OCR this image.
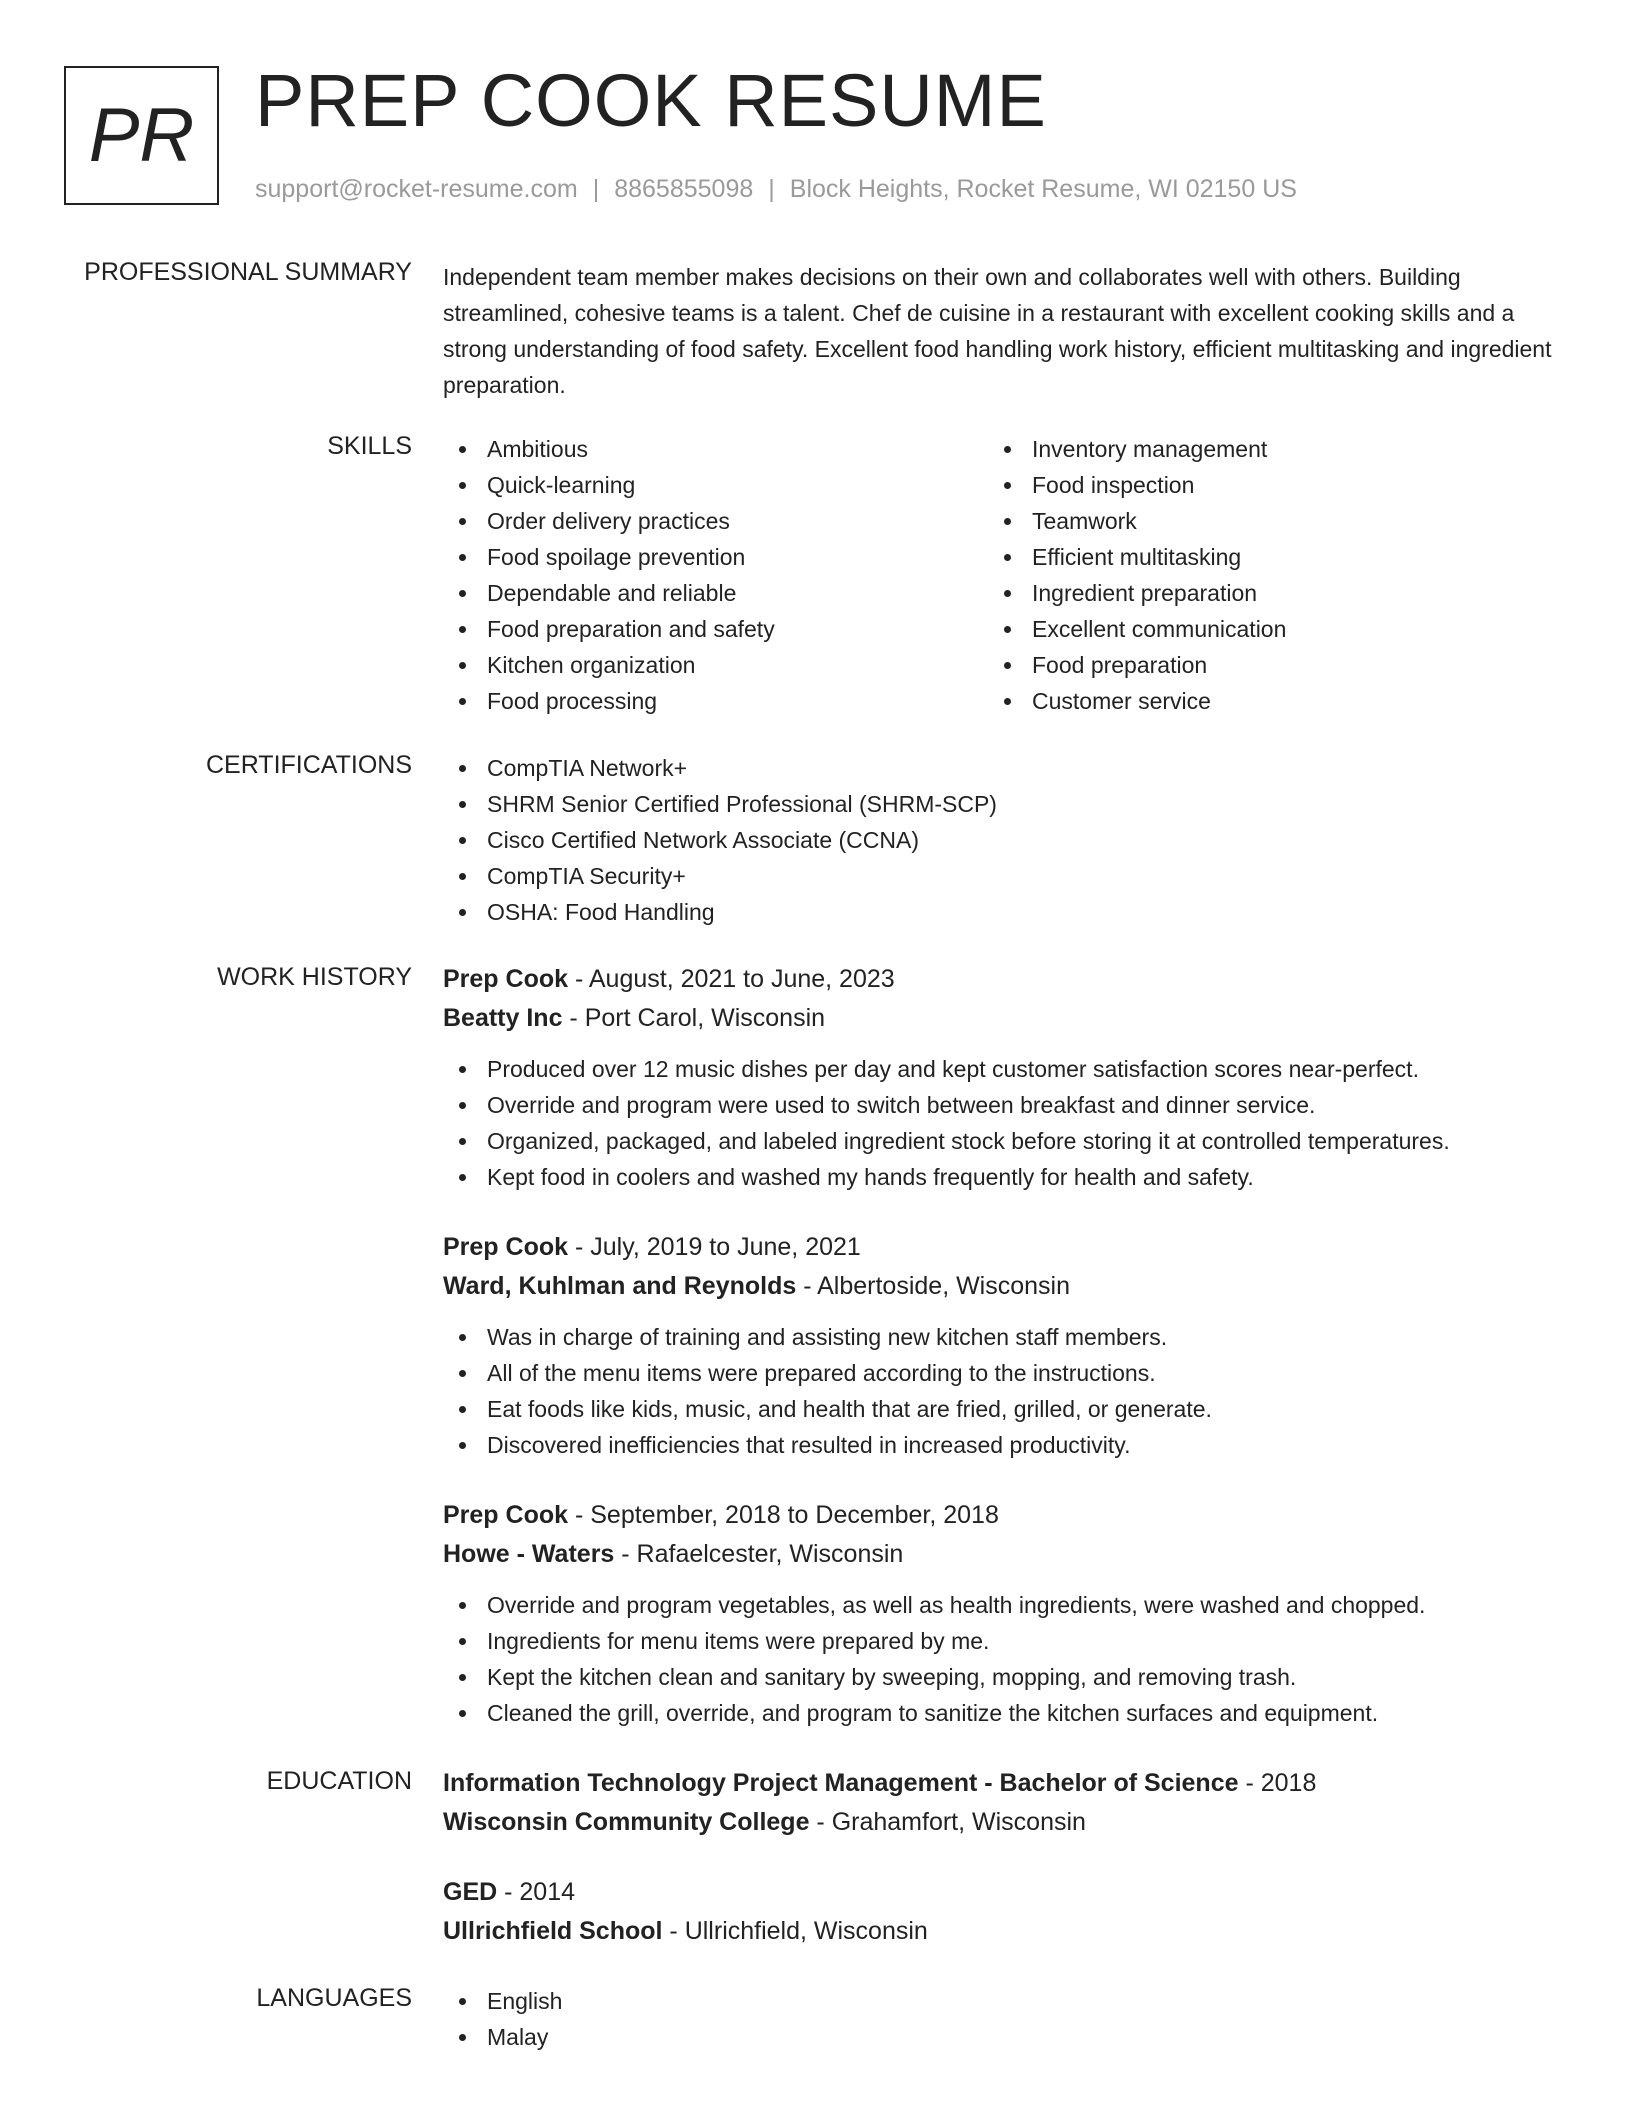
PR PREP COOK RESUME
support@rocket-resume.com | 8865855098 | Block Heights, Rocket Resume, WI 02150 US
PROFESSIONAL SUMMARY Independent team member makes decisions on their own and collaborates well with others. Building streamlined, cohesive teams is a talent. Chef de cuisine in a restaurant with excellent cooking skills and a strong understanding of food safety. Excellent food handling work history, efficient multitasking and ingredient preparation.

SKILLS	Ambitious
Quick-learning
Order delivery practices
Food spoilage prevention
Dependable and reliable
Food preparation and safety
Kitchen organization
Food processing
Inventory management
Food inspection
Teamwork
Efficient multitasking
Ingredient preparation
Excellent communication
Food preparation
Customer service
CERTIFICATIONS	CompTIA Network+
SHRM Senior Certified Professional (SHRM-SCP)
Cisco Certified Network Associate (CCNA)
CompTIA Security+
OSHA: Food Handling
WORK HISTORY Prep Cook - August, 2021 to June, 2023
Beatty Inc - Port Carol, Wisconsin
Produced over 12 music dishes per day and kept customer satisfaction scores near-perfect.
Override and program were used to switch between breakfast and dinner service.
Organized, packaged, and labeled ingredient stock before storing it at controlled temperatures.
Kept food in coolers and washed my hands frequently for health and safety.
Prep Cook - July, 2019 to June, 2021
Ward, Kuhlman and Reynolds - Albertoside, Wisconsin
Was in charge of training and assisting new kitchen staff members.
All of the menu items were prepared according to the instructions.
Eat foods like kids, music, and health that are fried, grilled, or generate.
Discovered inefficiencies that resulted in increased productivity.
Prep Cook - September, 2018 to December, 2018
Howe - Waters - Rafaelcester, Wisconsin
Override and program vegetables, as well as health ingredients, were washed and chopped.
Ingredients for menu items were prepared by me.
Kept the kitchen clean and sanitary by sweeping, mopping, and removing trash.
Cleaned the grill, override, and program to sanitize the kitchen surfaces and equipment.
EDUCATION Information Technology Project Management - Bachelor of Science - 2018
Wisconsin Community College - Grahamfort, Wisconsin
GED - 2014
Ullrichfield School - Ullrichfield, Wisconsin
LANGUAGES	English
Malay
